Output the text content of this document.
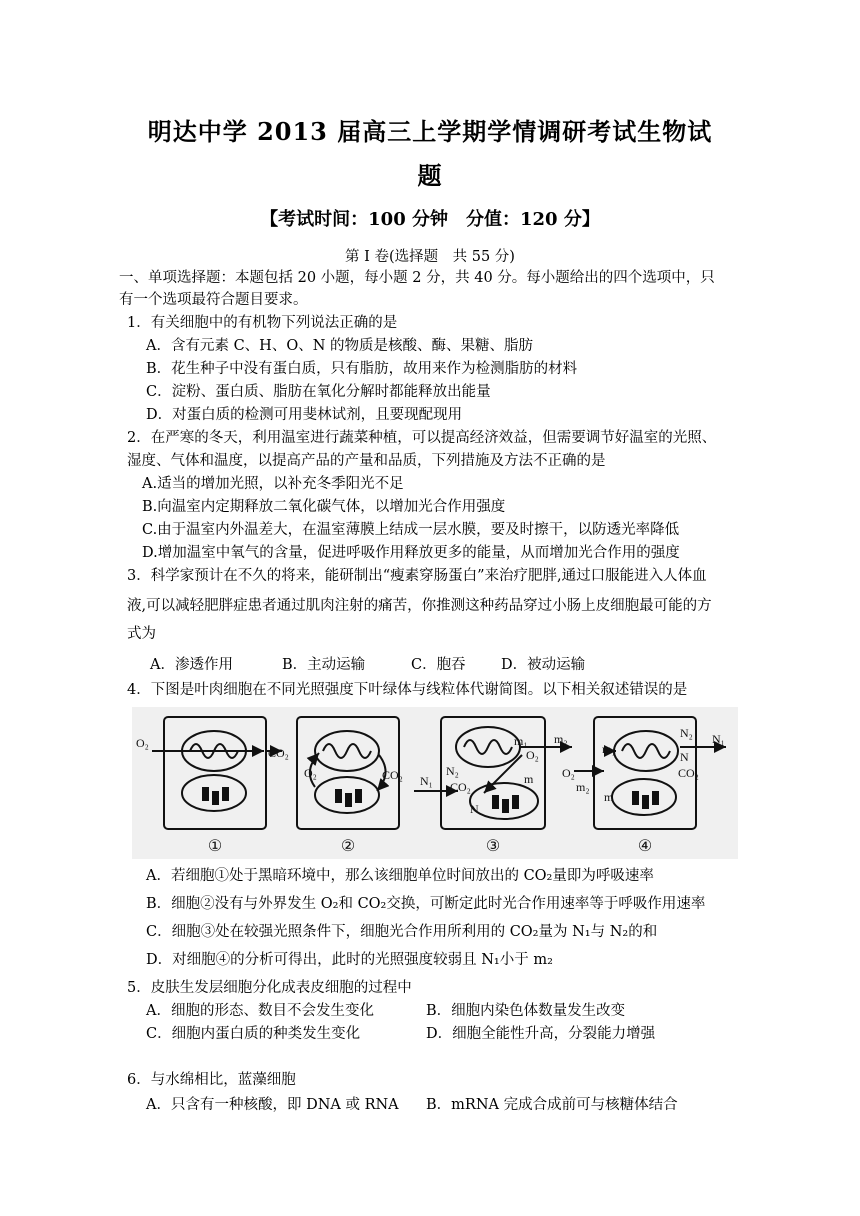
明达中学 2013 届高三上学期学情调研考试生物试
题
【考试时间：100 分钟　分值：120 分】
第 I 卷(选择题　共 55 分)
一、单项选择题：本题包括 20 小题，每小题 2 分，共 40 分。每小题给出的四个选项中，只
有一个选项最符合题目要求。
1．有关细胞中的有机物下列说法正确的是
A．含有元素 C、H、O、N 的物质是核酸、酶、果糖、脂肪
B．花生种子中没有蛋白质，只有脂肪，故用来作为检测脂肪的材料
C．淀粉、蛋白质、脂肪在氧化分解时都能释放出能量
D．对蛋白质的检测可用斐林试剂，且要现配现用
2．在严寒的冬天，利用温室进行蔬菜种植，可以提高经济效益，但需要调节好温室的光照、
湿度、气体和温度，以提高产品的产量和品质，下列措施及方法不正确的是
A.适当的增加光照，以补充冬季阳光不足
B.向温室内定期释放二氧化碳气体，以增加光合作用强度
C.由于温室内外温差大，在温室薄膜上结成一层水膜，要及时擦干，以防透光率降低
D.增加温室中氧气的含量，促进呼吸作用释放更多的能量，从而增加光合作用的强度
3．科学家预计在不久的将来，能研制出“瘦素穿肠蛋白”来治疗肥胖,通过口服能进入人体血
液,可以减轻肥胖症患者通过肌肉注射的痛苦，你推测这种药品穿过小肠上皮细胞最可能的方
式为
A．渗透作用	B．主动运输	C．胞吞 D．被动运输
4．下图是叶肉细胞在不同光照强度下叶绿体与线粒体代谢简图。以下相关叙述错误的是
O₂
CO₂
O₂	CO₂ N₁
N₂
CO₂
m₁
O₂
m
N
m₂
O₂
m₁
m₂
m
N₂
N
CO₂
N₁
①	②	③	④
A．若细胞①处于黑暗环境中，那么该细胞单位时间放出的 CO₂量即为呼吸速率
B．细胞②没有与外界发生 O₂和 CO₂交换，可断定此时光合作用速率等于呼吸作用速率
C．细胞③处在较强光照条件下，细胞光合作用所利用的 CO₂量为 N₁与 N₂的和
D．对细胞④的分析可得出，此时的光照强度较弱且 N₁小于 m₂
5．皮肤生发层细胞分化成表皮细胞的过程中
A．细胞的形态、数目不会发生变化	B．细胞内染色体数量发生改变
C．细胞内蛋白质的种类发生变化	D．细胞全能性升高，分裂能力增强
6．与水绵相比，蓝藻细胞
A．只含有一种核酸，即 DNA 或 RNA B．mRNA 完成合成前可与核糖体结合
